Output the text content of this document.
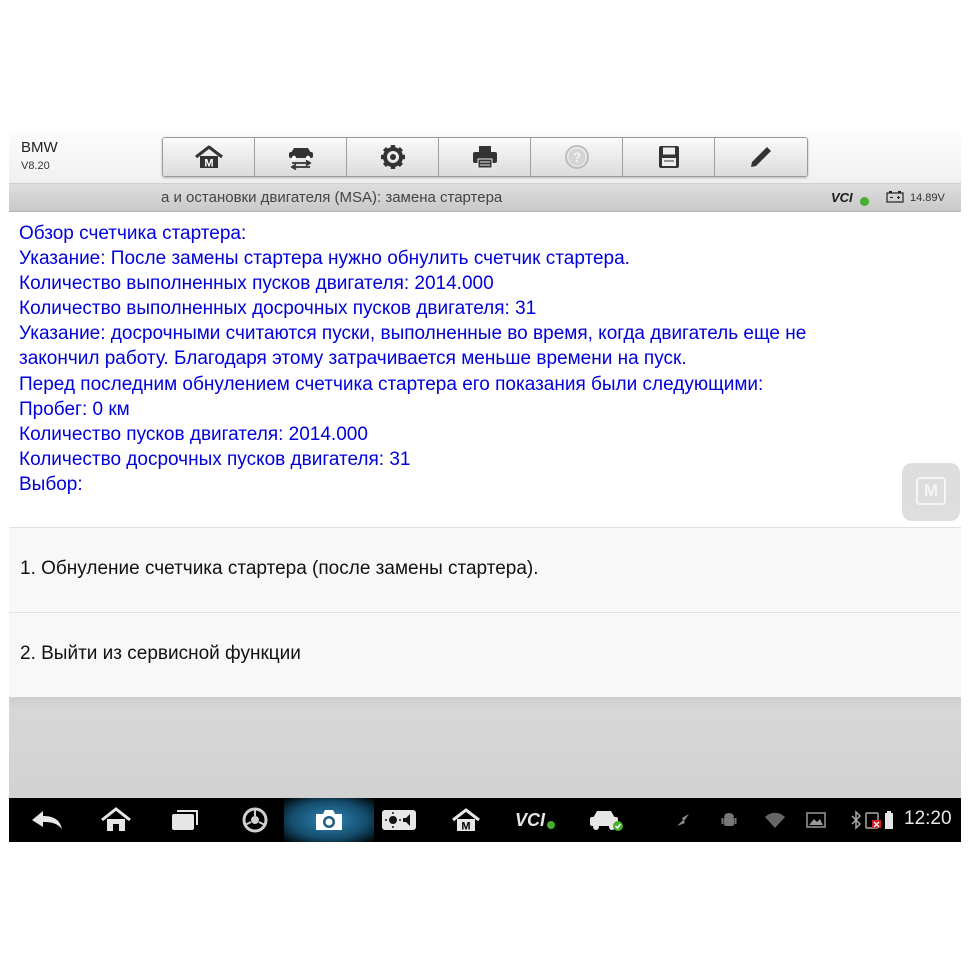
BMW
V8.20	M	?
а и остановки двигателя (MSA): замена стартера	VCI	14.89V
Обзор счетчика стартера:
Указание: После замены стартера нужно обнулить счетчик стартера.
Количество выполненных пусков двигателя: 2014.000
Количество выполненных досрочных пусков двигателя: 31
Указание: досрочными считаются пуски, выполненные во время, когда двигатель еще не
закончил работу. Благодаря этому затрачивается меньше времени на пуск.
Перед последним обнулением счетчика стартера его показания были следующими:
Пробег: 0 км
Количество пусков двигателя: 2014.000
Количество досрочных пусков двигателя: 31
Выбор:	M
1. Обнуление счетчика стартера (после замены стартера).
2. Выйти из сервисной функции
M VCI	12:20
